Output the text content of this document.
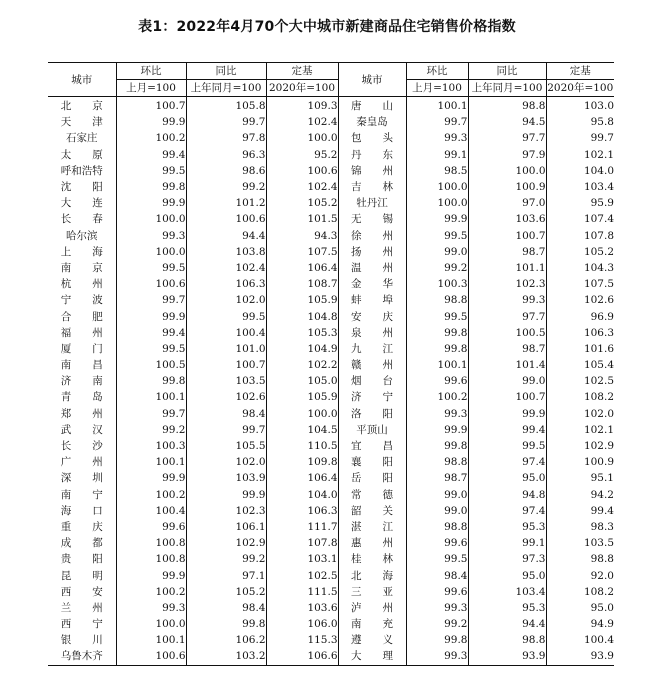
表1：2022年4月70个大中城市新建商品住宅销售价格指数
城市	环比	同比	定基	城市	环比	同比	定基
	上月=100	上年同月=100	2020年=100		上月=100	上年同月=100	2020年=100
北　　京	100.7	105.8	109.3	唐　　山	100.1	98.8	103.0
天　　津	99.9	99.7	102.4	秦皇岛	99.7	94.5	95.8
石家庄	100.2	97.8	100.0	包　　头	99.3	97.7	99.7
太　　原	99.4	96.3	95.2	丹　　东	99.1	97.9	102.1
呼和浩特	99.5	98.6	100.6	锦　　州	98.5	100.0	104.0
沈　　阳	99.8	99.2	102.4	吉　　林	100.0	100.9	103.4
大　　连	99.9	101.2	105.2	牡丹江	100.0	97.0	95.9
长　　春	100.0	100.6	101.5	无　　锡	99.9	103.6	107.4
哈尔滨	99.3	94.4	94.3	徐　　州	99.5	100.7	107.8
上　　海	100.0	103.8	107.5	扬　　州	99.0	98.7	105.2
南　　京	99.5	102.4	106.4	温　　州	99.2	101.1	104.3
杭　　州	100.6	106.3	108.7	金　　华	100.3	102.3	107.5
宁　　波	99.7	102.0	105.9	蚌　　埠	98.8	99.3	102.6
合　　肥	99.9	99.5	104.8	安　　庆	99.5	97.7	96.9
福　　州	99.4	100.4	105.3	泉　　州	99.8	100.5	106.3
厦　　门	99.5	101.0	104.9	九　　江	99.8	98.7	101.6
南　　昌	100.5	100.7	102.2	赣　　州	100.1	101.4	105.4
济　　南	99.8	103.5	105.0	烟　　台	99.6	99.0	102.5
青　　岛	100.1	102.6	105.9	济　　宁	100.2	100.7	108.2
郑　　州	99.7	98.4	100.0	洛　　阳	99.3	99.9	102.0
武　　汉	99.2	99.7	104.5	平顶山	99.9	99.4	102.1
长　　沙	100.3	105.5	110.5	宜　　昌	99.8	99.5	102.9
广　　州	100.1	102.0	109.8	襄　　阳	98.8	97.4	100.9
深　　圳	99.9	103.9	106.4	岳　　阳	98.7	95.0	95.1
南　　宁	100.2	99.9	104.0	常　　德	99.0	94.8	94.2
海　　口	100.4	102.3	106.3	韶　　关	99.0	97.4	99.4
重　　庆	99.6	106.1	111.7	湛　　江	98.8	95.3	98.3
成　　都	100.8	102.9	107.8	惠　　州	99.6	99.1	103.5
贵　　阳	100.8	99.2	103.1	桂　　林	99.5	97.3	98.8
昆　　明	99.9	97.1	102.5	北　　海	98.4	95.0	92.0
西　　安	100.2	105.2	111.5	三　　亚	99.6	103.4	108.2
兰　　州	99.3	98.4	103.6	泸　　州	99.3	95.3	95.0
西　　宁	100.0	99.8	106.0	南　　充	99.2	94.4	94.9
银　　川	100.1	106.2	115.3	遵　　义	99.8	98.8	100.4
乌鲁木齐	100.6	103.2	106.6	大　　理	99.3	93.9	93.9
